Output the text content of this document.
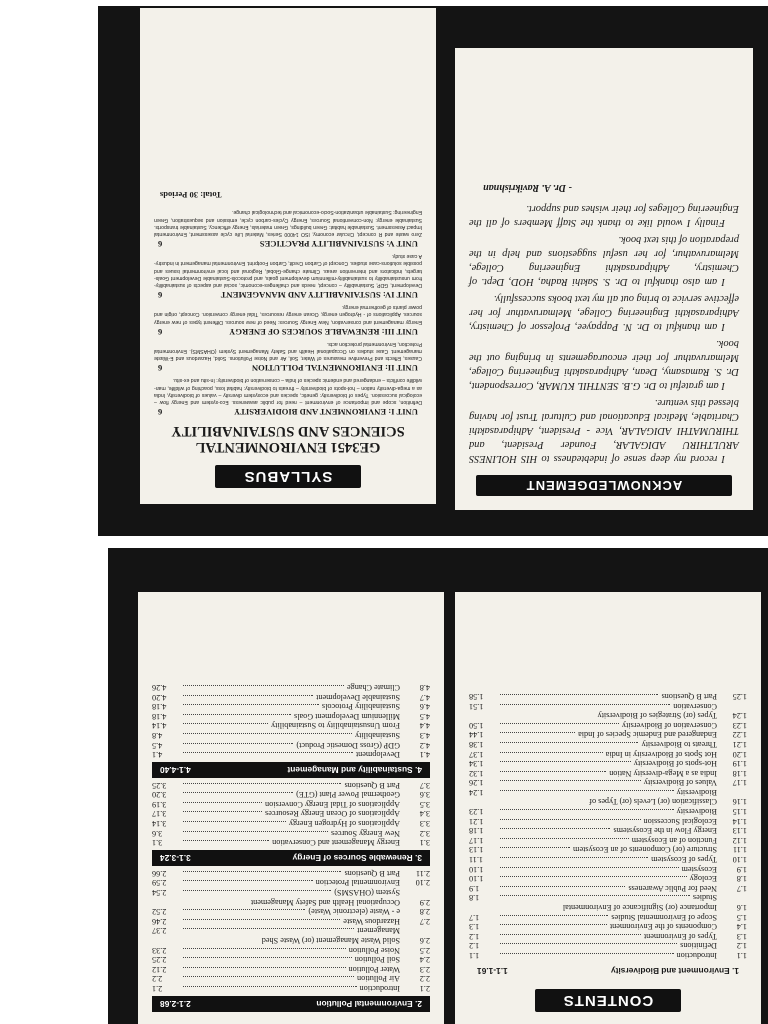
SYLLABUS
GE3451 ENVIRONMENTAL
SCIENCES AND SUSTAINABILITY
UNIT I: ENVIRONMENT AND BIODIVERSITY
6
Definition, scope and importance of environment – need for public awareness. Eco-system and Energy flow – ecological succession. Types of biodiversity: genetic, species and ecosystem diversity – values of biodiversity, India as a mega-diversity nation – hot-spots of biodiversity – threats to biodiversity: habitat loss, poaching of wildlife, man-wildlife conflicts – endangered and endemic species of India – conservation of biodiversity: In-situ and ex-situ.
UNIT II: ENVIRONMENTAL POLLUTION
6
Causes, Effects and Preventive measures of Water, Soil, Air and Noise Pollutions. Solid, Hazardous and E-Waste management. Case studies on Occupational Health and Safety Management System (OHASMS). Environmental Protection, Environmental protection acts.
UNIT III: RENEWABLE SOURCES OF ENERGY
6
Energy management and conservation, New Energy Sources: Need of new sources. Different types of new energy sources. Applications of - Hydrogen energy, Ocean energy resources, Tidal energy conversion. Concept, origin and power plants of geothermal energy.
UNIT IV: SUSTAINABILITY AND MANAGEMENT
6
Development, GDP, Sustainability – concept, needs and challenges-economic, social and aspects of sustainability-from unsustainability to sustainability-millennium development goals, and protocols-Sustainable Development Goals-targets, indicators and intervention areas. Climate change-Global, Regional and local environmental issues and possible solutions-case studies. Concept of Carbon Credit, Carbon Footprint. Environmental management in industry-A case study.
UNIT V: SUSTAINABILITY PRACTICES
6
Zero waste and R concept, Circular economy, ISO 14000 Series, Material Life cycle assessment, Environmental Impact Assessment. Sustainable habitat: Green buildings, Green materials, Energy efficiency, Sustainable transports. Sustainable energy: Non-conventional Sources, Energy Cycles-carbon cycle, emission and sequestration, Green Engineering: Sustainable urbanization-Socio-economical and technological change.
Total: 30 Periods
ACKNOWLEDGEMENT

I record my deep sense of indebtedness to HIS HOLINESS ARULTHIRU ADIGALAR, Founder President, and THIRUMATHI ADIGALAR, Vice - President, Adhiparasakthi Charitable, Medical Educational and Cultural Trust for having blessed this venture.

I am grateful to Dr. G.B. SENTHIL KUMAR, Correspondent, Dr. S. Ramasamy, Dean, Adhiparasakthi Engineering College, Melmaruvathur for their encouragements in bringing out the book.

I am thankful to Dr. N. Pappayee, Professor of Chemistry, Adhiparasakthi Engineering College, Melmaruvathur for her effective service to bring out all my text books successfully.

I am also thankful to Dr. S. Sakthi Radha, HOD, Dept. of Chemistry, Adhiparasakthi Engineering College, Melmaruvathur, for her useful suggestions and help in the preparation of this text book.

Finally I would like to thank the Staff Members of all the Engineering Colleges for their wishes and support.

- Dr. A. Ravikrishnan
CONTENTS
1. Environment and Biodiversity
1.1-1.61
1.1
Introduction
1.1
1.2
Definitions
1.2
1.3
Types of Environment
1.2
1.4
Components of the Environment
1.3
1.5
Scope of Environmental Studies
1.7
1.6
Importance (or) Significance of Environmental
Studies
1.8
1.7
Need for Public Awareness
1.9
1.8
Ecology
1.10
1.9
Ecosystem
1.10
1.10
Types of Ecosystem
1.11
1.11
Structure (or) Components of an Ecosystem
1.13
1.12
Function of an Ecosystem
1.17
1.13
Energy Flow in the Ecosystems
1.18
1.14
Ecological Succession
1.21
1.15
Biodiversity
1.23
1.16
Classification (or) Levels (or) Types of
Biodiversity
1.24
1.17
Values of Biodiversity
1.26
1.18
India as a Mega-diversity Nation
1.32
1.19
Hot-spots of Biodiversity
1.34
1.20
Hot Spots of Biodiversity in India
1.37
1.21
Threats to Biodiversity
1.38
1.22
Endangered and Endemic Species of India
1.44
1.23
Conservation of Biodiversity
1.50
1.24
Types (or) Strategies of Biodiversity
Conservation
1.51
1.25
Part B Questions
1.58
2. Environmental Pollution
2.1-2.68
2.1
Introduction
2.1
2.2
Air Pollution
2.2
2.3
Water Pollution
2.12
2.4
Soil Pollution
2.25
2.5
Noise Pollution
2.33
2.6
Solid Waste Management (or) Waste Shed
Management
2.37
2.7
Hazardous Waste
2.46
2.8
e - Waste (electronic Waste)
2.52
2.9
Occupational Health and Safety Management
System (OHASMS)
2.54
2.10
Environmental Protection
2.59
2.11
Part B Questions
2.66
3. Renewable Sources of Energy
3.1-3.24
3.1
Energy Management and Conservation
3.1
3.2
New Energy Sources
3.6
3.3
Applications of Hydrogen Energy
3.14
3.4
Applications of Ocean Energy Resources
3.17
3.5
Applications of Tidal Energy Conversion
3.19
3.6
Geothermal Power Plant (GTE)
3.20
3.7
Part B Questions
3.25
4. Sustainability and Management
4.1-4.40
4.1
Development
4.1
4.2
GDP (Gross Domestic Product)
4.5
4.3
Sustainability
4.8
4.4
From Unsustainability to Sustainability
4.14
4.5
Millennium Development Goals
4.18
4.6
Sustainability Protocols
4.18
4.7
Sustainable Development
4.20
4.8
Climate Change
4.26
